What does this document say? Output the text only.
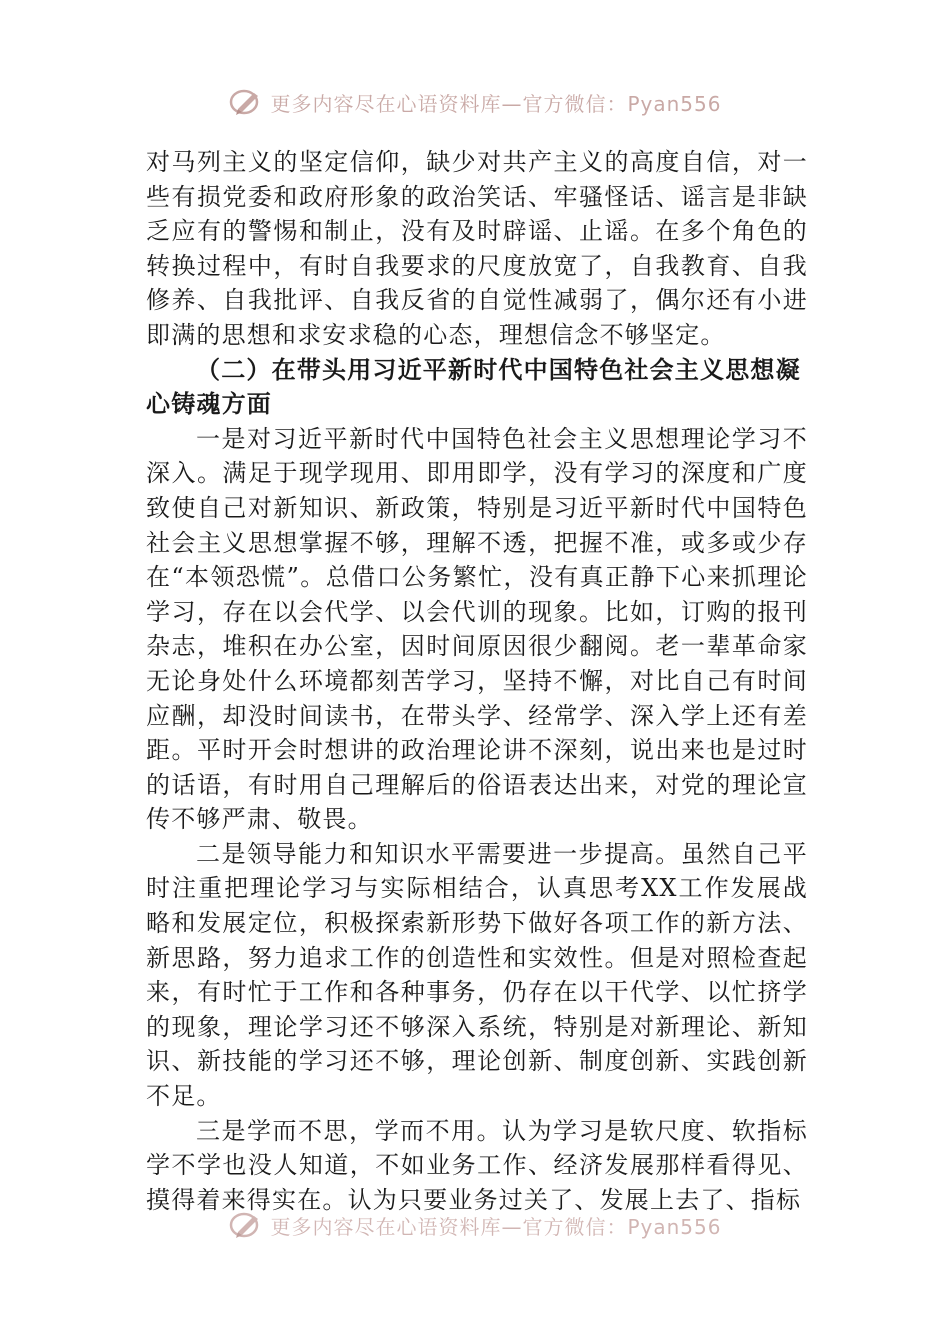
更多内容尽在心语资料库—官方微信：Pyan556

对马列主义的坚定信仰，缺少对共产主义的高度自信，对一些有损党委和政府形象的政治笑话、牢骚怪话、谣言是非缺乏应有的警惕和制止，没有及时辟谣、止谣。在多个角色的转换过程中，有时自我要求的尺度放宽了，自我教育、自我修养、自我批评、自我反省的自觉性减弱了，偶尔还有小进即满的思想和求安求稳的心态，理想信念不够坚定。

（二）在带头用习近平新时代中国特色社会主义思想凝心铸魂方面

一是对习近平新时代中国特色社会主义思想理论学习不深入。满足于现学现用、即用即学，没有学习的深度和广度致使自己对新知识、新政策，特别是习近平新时代中国特色社会主义思想掌握不够，理解不透，把握不准，或多或少存在“本领恐慌”。总借口公务繁忙，没有真正静下心来抓理论学习，存在以会代学、以会代训的现象。比如，订购的报刊杂志，堆积在办公室，因时间原因很少翻阅。老一辈革命家无论身处什么环境都刻苦学习，坚持不懈，对比自己有时间应酬，却没时间读书，在带头学、经常学、深入学上还有差距。平时开会时想讲的政治理论讲不深刻，说出来也是过时的话语，有时用自己理解后的俗语表达出来，对党的理论宣传不够严肃、敬畏。

二是领导能力和知识水平需要进一步提高。虽然自己平时注重把理论学习与实际相结合，认真思考XX工作发展战略和发展定位，积极探索新形势下做好各项工作的新方法、新思路，努力追求工作的创造性和实效性。但是对照检查起来，有时忙于工作和各种事务，仍存在以干代学、以忙挤学的现象，理论学习还不够深入系统，特别是对新理论、新知识、新技能的学习还不够，理论创新、制度创新、实践创新不足。

三是学而不思，学而不用。认为学习是软尺度、软指标学不学也没人知道，不如业务工作、经济发展那样看得见、摸得着来得实在。认为只要业务过关了、发展上去了、指标

更多内容尽在心语资料库—官方微信：Pyan556
